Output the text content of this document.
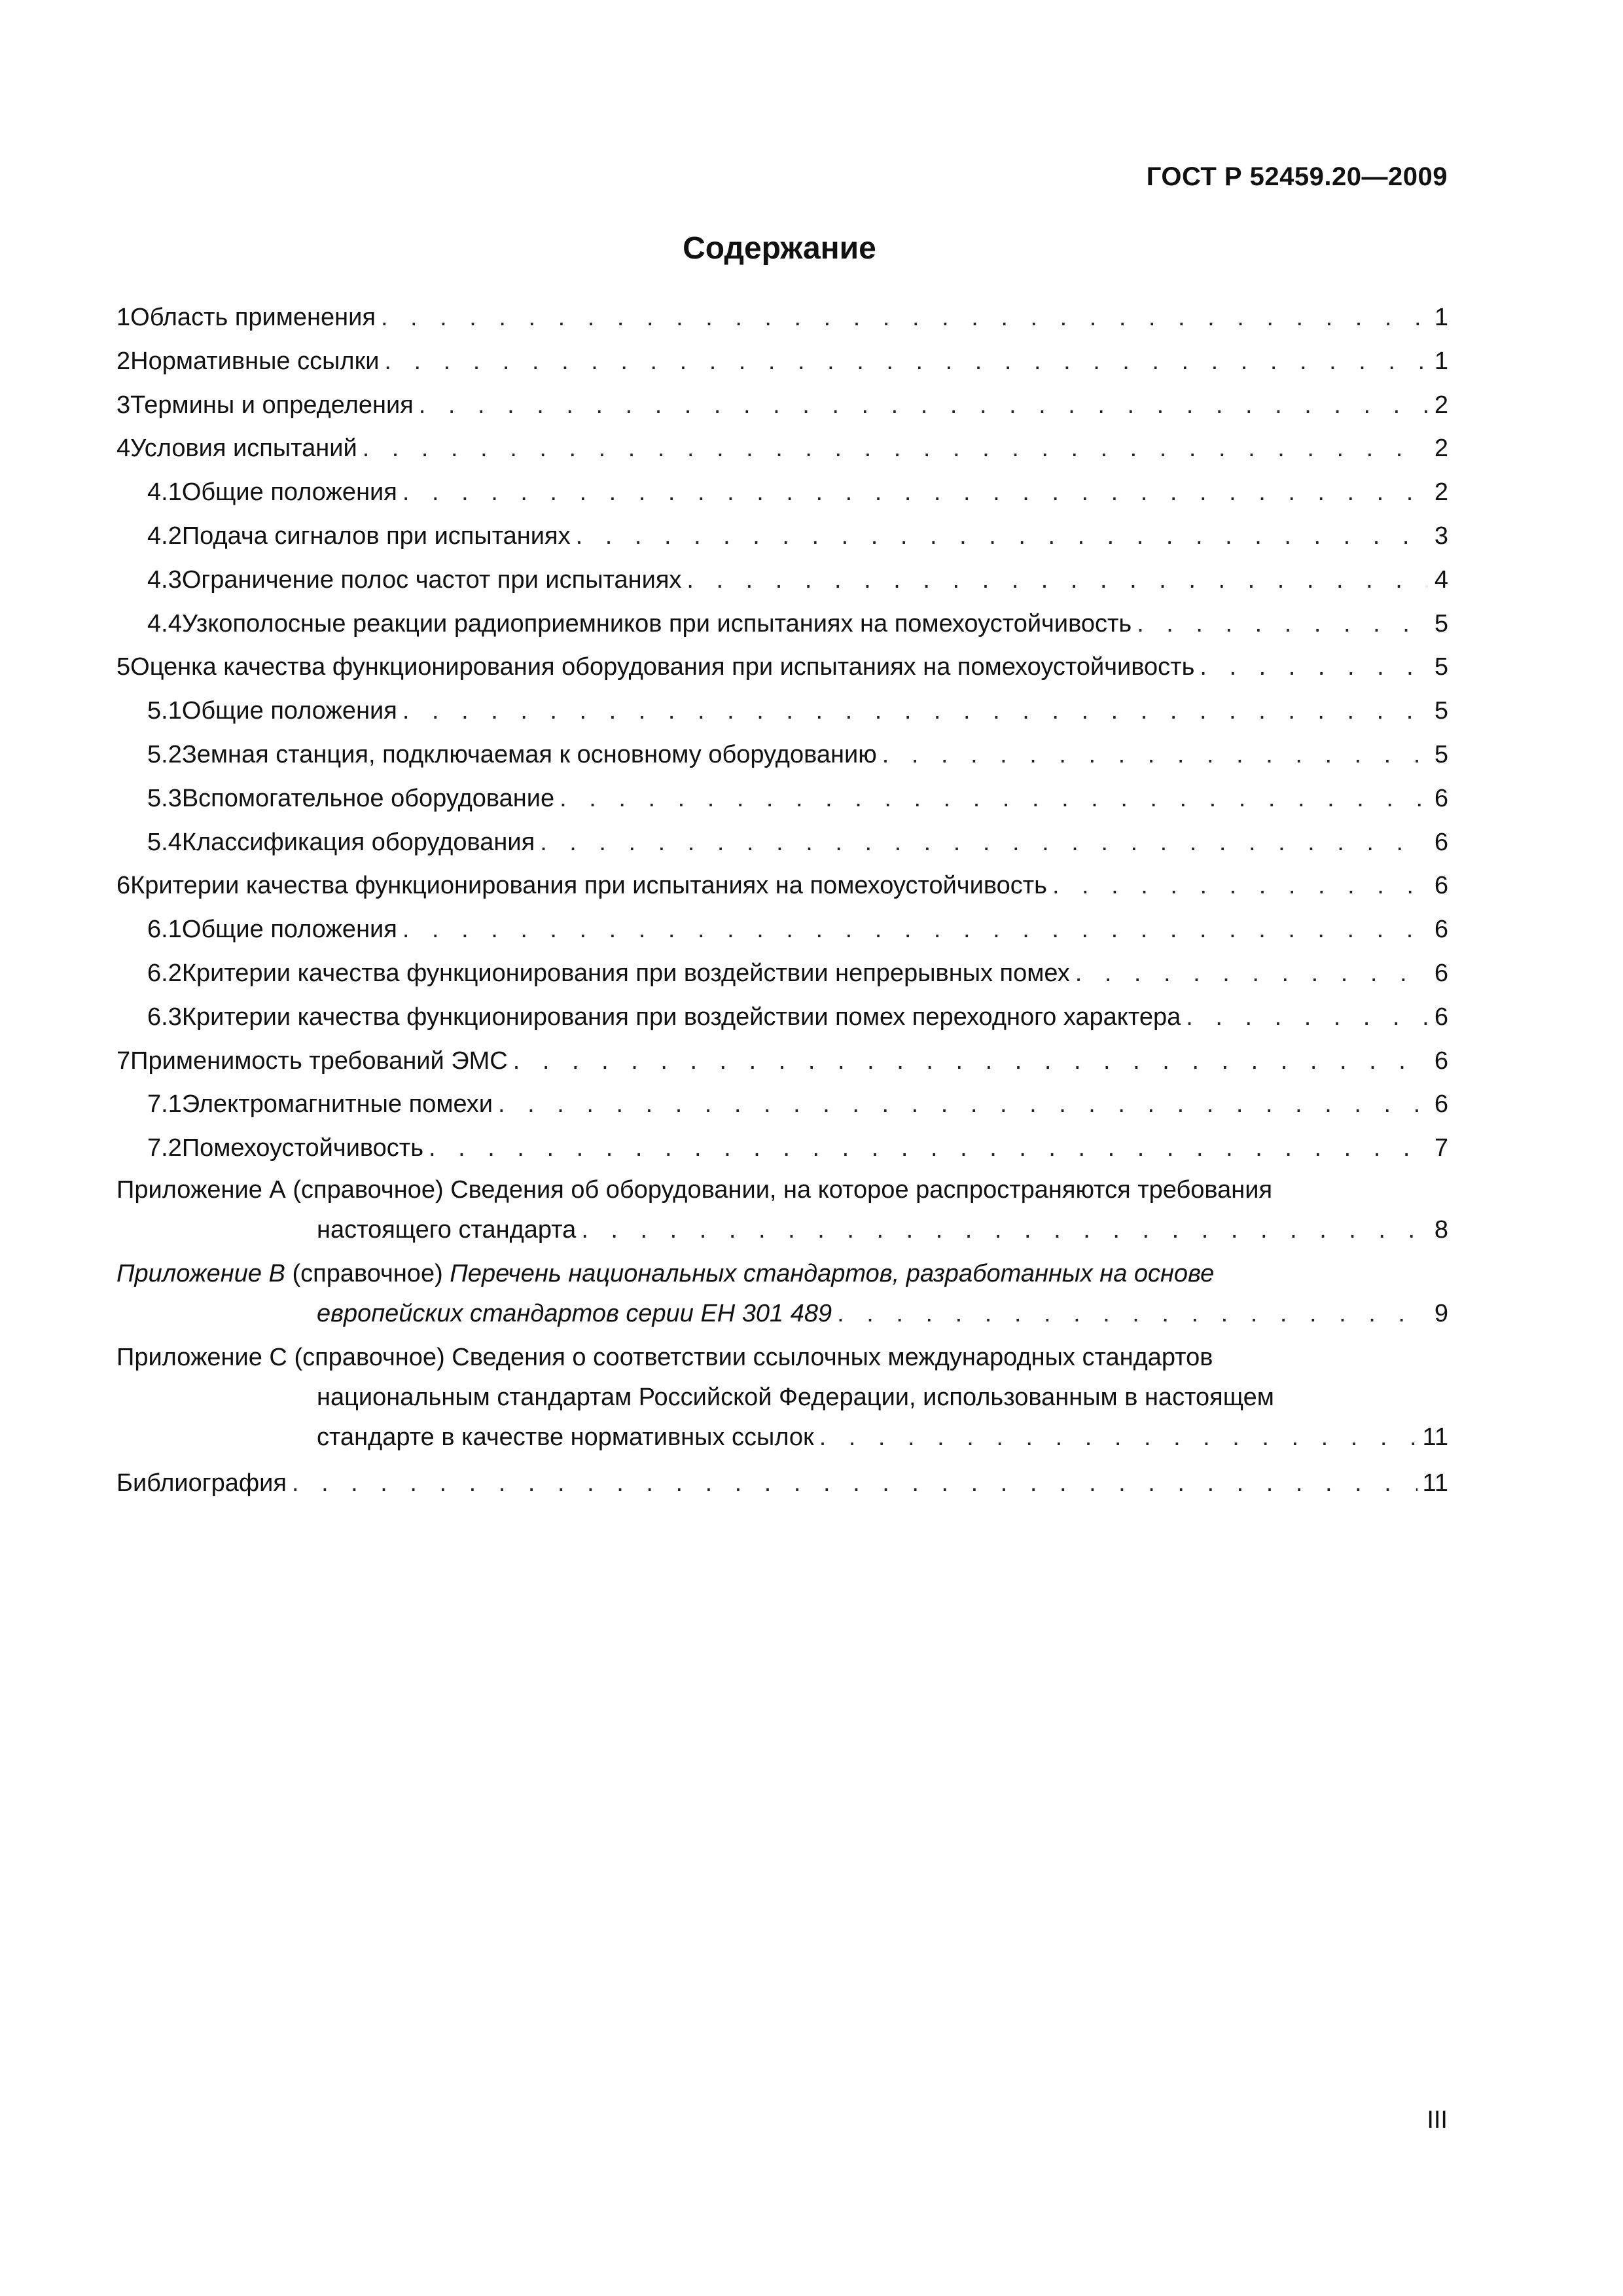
ГОСТ Р 52459.20—2009
Содержание
1 Область применения . . .	1
2 Нормативные ссылки . . .	1
3 Термины и определения . . .	2
4 Условия испытаний . . .	2
4.1 Общие положения . . .	2
4.2 Подача сигналов при испытаниях . . .	3
4.3 Ограничение полос частот при испытаниях . . .	4
4.4 Узкополосные реакции радиоприемников при испытаниях на помехоустойчивость . . .	5
5 Оценка качества функционирования оборудования при испытаниях на помехоустойчивость . . .	5
5.1 Общие положения . . .	5
5.2 Земная станция, подключаемая к основному оборудованию . . .	5
5.3 Вспомогательное оборудование . . .	6
5.4 Классификация оборудования . . .	6
6 Критерии качества функционирования при испытаниях на помехоустойчивость . . .	6
6.1 Общие положения . . .	6
6.2 Критерии качества функционирования при воздействии непрерывных помех . . .	6
6.3 Критерии качества функционирования при воздействии помех переходного характера . . .	6
7 Применимость требований ЭМС . . .	6
7.1 Электромагнитные помехи . . .	6
7.2 Помехоустойчивость . . .	7
Приложение А (справочное) Сведения об оборудовании, на которое распространяются требования
настоящего стандарта . . .	8
Приложение В (справочное) Перечень национальных стандартов, разработанных на основе
европейских стандартов серии ЕН 301 489 . . .	9
Приложение С (справочное) Сведения о соответствии ссылочных международных стандартов
национальным стандартам Российской Федерации, использованным в настоящем
стандарте в качестве нормативных ссылок . . .	11
Библиография . . .	11
III
